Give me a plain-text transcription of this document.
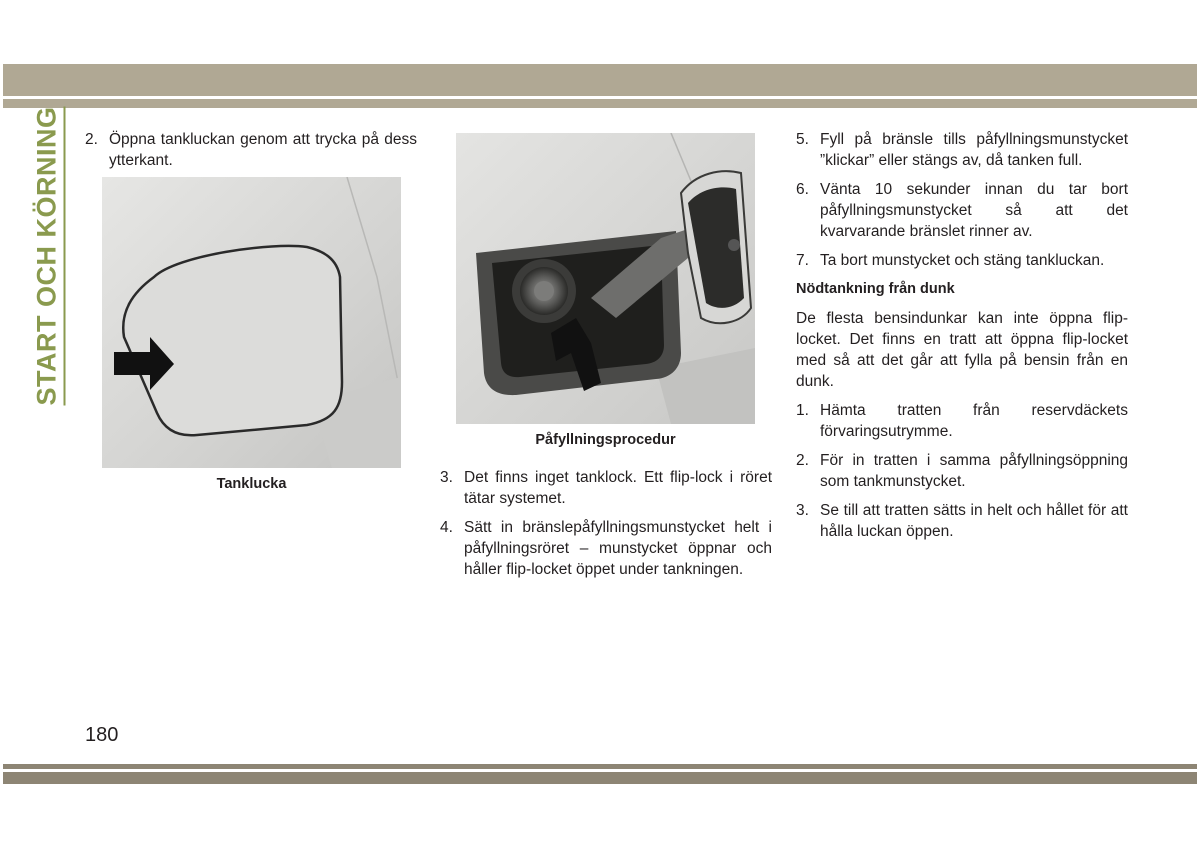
START OCH KÖRNING 2. Öppna tankluckan genom att trycka på dess ytterkant.
Tanklucka
Påfyllningsprocedur
3. Det finns inget tanklock. Ett flip-lock i röret tätar systemet.
4. Sätt in bränslepåfyllningsmunstycket helt i påfyllningsröret – munstycket öppnar och håller flip-locket öppet under tankningen.
5. Fyll på bränsle tills påfyllningsmunstycket ”klickar” eller stängs av, då tanken full.
6. Vänta 10 sekunder innan du tar bort påfyllningsmunstycket så att det kvarvarande bränslet rinner av.
7. Ta bort munstycket och stäng tankluckan.
Nödtankning från dunk
De flesta bensindunkar kan inte öppna flip-locket. Det finns en tratt att öppna flip-locket med så att det går att fylla på bensin från en dunk.
1. Hämta tratten från reservdäckets förvaringsutrymme.
2. För in tratten i samma påfyllningsöppning som tankmunstycket.
3. Se till att tratten sätts in helt och hållet för att hålla luckan öppen.
180
